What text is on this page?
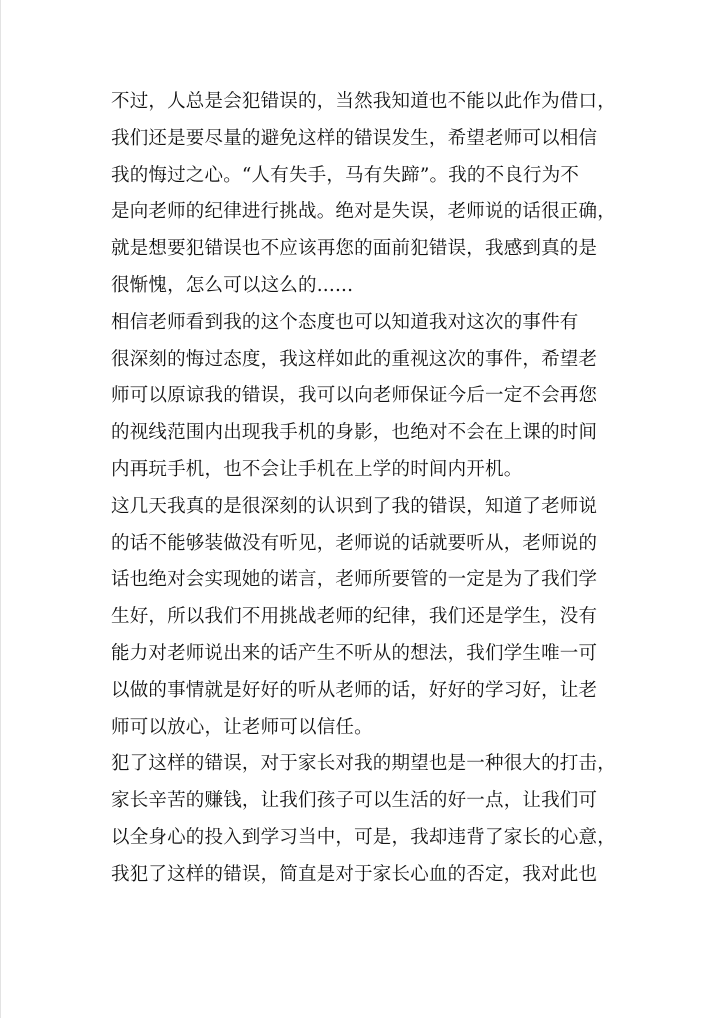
不过，人总是会犯错误的，当然我知道也不能以此作为借口，
我们还是要尽量的避免这样的错误发生，希望老师可以相信
我的悔过之心。“人有失手，马有失蹄”。我的不良行为不
是向老师的纪律进行挑战。绝对是失误，老师说的话很正确，
就是想要犯错误也不应该再您的面前犯错误，我感到真的是
很惭愧，怎么可以这么的......

相信老师看到我的这个态度也可以知道我对这次的事件有
很深刻的悔过态度，我这样如此的重视这次的事件，希望老
师可以原谅我的错误，我可以向老师保证今后一定不会再您
的视线范围内出现我手机的身影，也绝对不会在上课的时间
内再玩手机，也不会让手机在上学的时间内开机。

这几天我真的是很深刻的认识到了我的错误，知道了老师说
的话不能够装做没有听见，老师说的话就要听从，老师说的
话也绝对会实现她的诺言，老师所要管的一定是为了我们学
生好，所以我们不用挑战老师的纪律，我们还是学生，没有
能力对老师说出来的话产生不听从的想法，我们学生唯一可
以做的事情就是好好的听从老师的话，好好的学习好，让老
师可以放心，让老师可以信任。

犯了这样的错误，对于家长对我的期望也是一种很大的打击，
家长辛苦的赚钱，让我们孩子可以生活的好一点，让我们可
以全身心的投入到学习当中，可是，我却违背了家长的心意，
我犯了这样的错误，简直是对于家长心血的否定，我对此也
